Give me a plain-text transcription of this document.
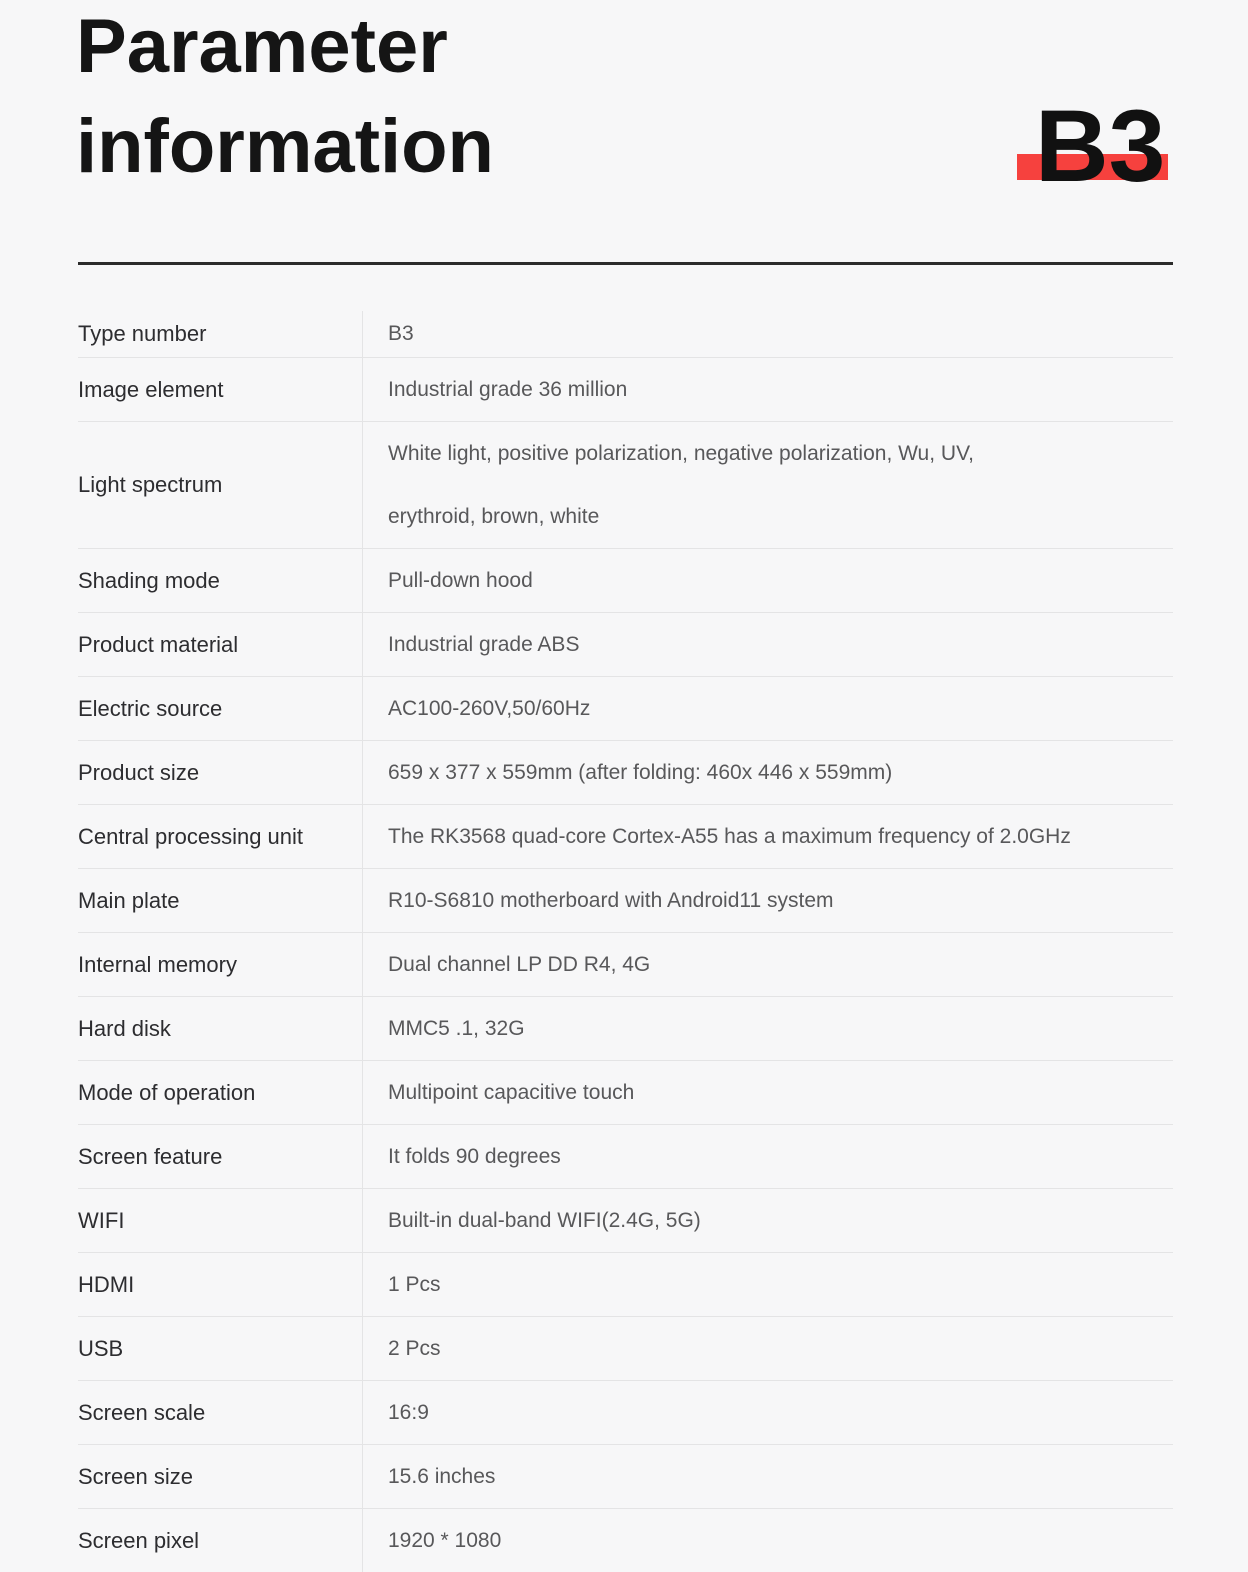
Parameter
information	B3
Type number	B3
Image element	Industrial grade 36 million
Light spectrum
White light, positive polarization, negative polarization, Wu, UV,
erythroid, brown, white
Shading mode	Pull-down hood
Product material	Industrial grade ABS
Electric source	AC100-260V,50/60Hz
Product size	659 x 377 x 559mm (after folding: 460x 446 x 559mm)
Central processing unit	The RK3568 quad-core Cortex-A55 has a maximum frequency of 2.0GHz
Main plate	R10-S6810 motherboard with Android11 system
Internal memory	Dual channel LP DD R4, 4G
Hard disk	MMC5 .1, 32G
Mode of operation	Multipoint capacitive touch
Screen feature	It folds 90 degrees
WIFI	Built-in dual-band WIFI(2.4G, 5G)
HDMI	1 Pcs
USB	2 Pcs
Screen scale	16:9
Screen size	15.6 inches
Screen pixel	1920 * 1080
